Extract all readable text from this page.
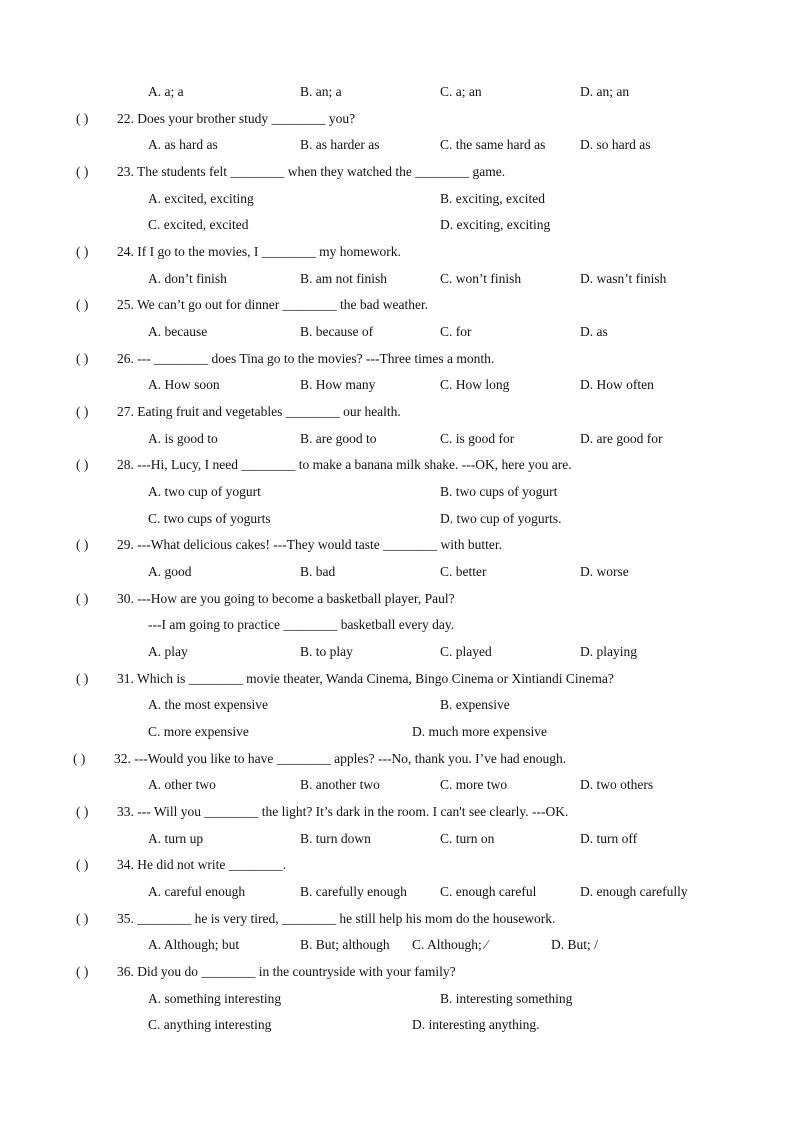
A. a; a	B. an; a	C. a; an	D. an; an
( ) 22. Does your brother study ________ you?
A. as hard as	B. as harder as	C. the same hard as	D. so hard as
( ) 23. The students felt ________ when they watched the ________ game.
A. excited, exciting	B. exciting, excited
C. excited, excited	D. exciting, exciting
( ) 24. If I go to the movies, I ________ my homework.
A. don’t finish	B. am not finish	C. won’t finish	D. wasn’t finish
( ) 25. We can’t go out for dinner ________ the bad weather.
A. because	B. because of	C. for	D. as
( ) 26. --- ________ does Tina go to the movies? ---Three times a month.
A. How soon	B. How many	C. How long	D. How often
( ) 27. Eating fruit and vegetables ________ our health.
A. is good to	B. are good to	C. is good for	D. are good for
( ) 28. ---Hi, Lucy, I need ________ to make a banana milk shake. ---OK, here you are.
A. two cup of yogurt	B. two cups of yogurt
C. two cups of yogurts	D. two cup of yogurts.
( ) 29. ---What delicious cakes! ---They would taste ________ with butter.
A. good	B. bad	C. better	D. worse
( ) 30. ---How are you going to become a basketball player, Paul?
---I am going to practice ________ basketball every day.
A. play	B. to play	C. played	D. playing
( ) 31. Which is ________ movie theater, Wanda Cinema, Bingo Cinema or Xintiandi Cinema?
A. the most expensive	B. expensive
C. more expensive	D. much more expensive
( ) 32. ---Would you like to have ________ apples? ---No, thank you. I’ve had enough.
A. other two	B. another two	C. more two	D. two others
( ) 33. --- Will you ________ the light? It’s dark in the room. I can't see clearly. ---OK.
A. turn up	B. turn down	C. turn on	D. turn off
( ) 34. He did not write ________.
A. careful enough	B. carefully enough C. enough careful	D. enough carefully
( ) 35. ________ he is very tired, ________ he still help his mom do the housework.
A. Although; but	B. But; although C. Although; ⁄	D. But; /
( ) 36. Did you do ________ in the countryside with your family?
A. something interesting	B. interesting something
C. anything interesting	D. interesting anything.
